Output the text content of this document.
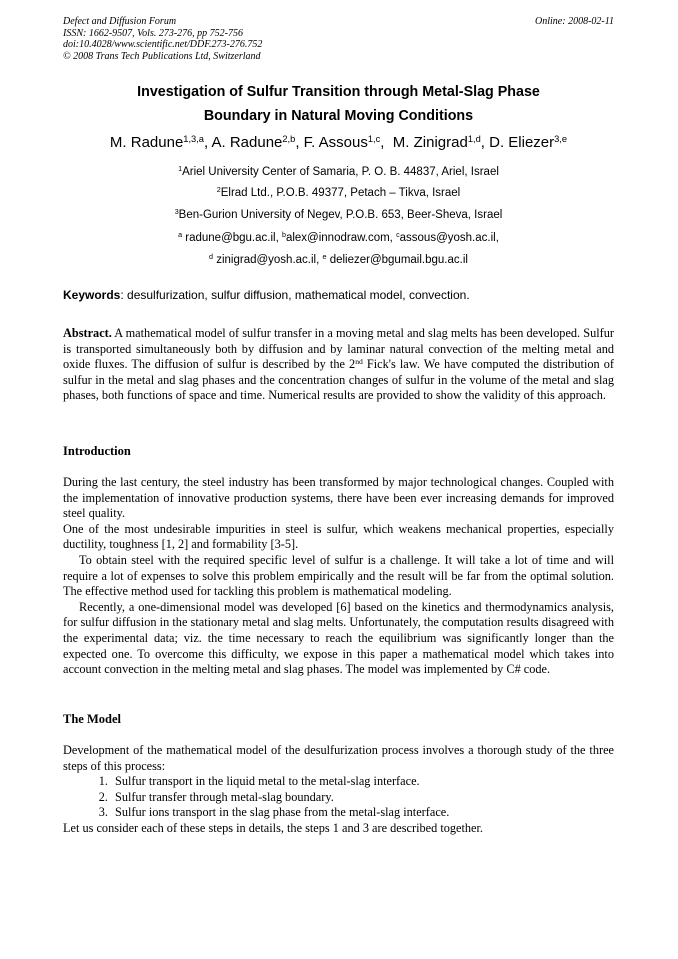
Defect and Diffusion Forum
ISSN: 1662-9507, Vols. 273-276, pp 752-756
doi:10.4028/www.scientific.net/DDF.273-276.752
© 2008 Trans Tech Publications Ltd, Switzerland
Online: 2008-02-11
Investigation of Sulfur Transition through Metal-Slag Phase
Boundary in Natural Moving Conditions
M. Radune$^{1,3,a}$, A. Radune$^{2,b}$, F. Assous$^{1,c}$,  M. Zinigrad$^{1,d}$, D. Eliezer$^{3,e}$
$^1$Ariel University Center of Samaria, P. O. B. 44837, Ariel, Israel
$^2$Elrad Ltd., P.O.B. 49377, Petach – Tikva, Israel
$^3$Ben-Gurion University of Negev, P.O.B. 653, Beer-Sheva, Israel
$^a$ radune@bgu.ac.il, $^b$alex@innodraw.com, $^c$assous@yosh.ac.il,
$^d$ zinigrad@yosh.ac.il, $^e$ deliezer@bgumail.bgu.ac.il
Keywords: desulfurization, sulfur diffusion, mathematical model, convection.
Abstract. A mathematical model of sulfur transfer in a moving metal and slag melts has been developed. Sulfur is transported simultaneously both by diffusion and by laminar natural convection of the melting metal and oxide fluxes. The diffusion of sulfur is described by the 2nd Fick's law. We have computed the distribution of sulfur in the metal and slag phases and the concentration changes of sulfur in the volume of the metal and slag phases, both functions of space and time. Numerical results are provided to show the validity of this approach.
Introduction

During the last century, the steel industry has been transformed by major technological changes. Coupled with the implementation of innovative production systems, there have been ever increasing demands for improved steel quality.

One of the most undesirable impurities in steel is sulfur, which weakens mechanical properties, especially ductility, toughness [1, 2] and formability [3-5].

To obtain steel with the required specific level of sulfur is a challenge. It will take a lot of time and will require a lot of expenses to solve this problem empirically and the result will be far from the optimal solution. The effective method used for tackling this problem is mathematical modeling.

Recently, a one-dimensional model was developed [6] based on the kinetics and thermodynamics analysis, for sulfur diffusion in the stationary metal and slag melts. Unfortunately, the computation results disagreed with the experimental data; viz. the time necessary to reach the equilibrium was significantly longer than the expected one. To overcome this difficulty, we expose in this paper a mathematical model which takes into account convection in the melting metal and slag phases. The model was implemented by C# code.

The Model

Development of the mathematical model of the desulfurization process involves a thorough study of the three steps of this process:

1. Sulfur transport in the liquid metal to the metal-slag interface.
2. Sulfur transfer through metal-slag boundary.
3. Sulfur ions transport in the slag phase from the metal-slag interface.

Let us consider each of these steps in details, the steps 1 and 3 are described together.
